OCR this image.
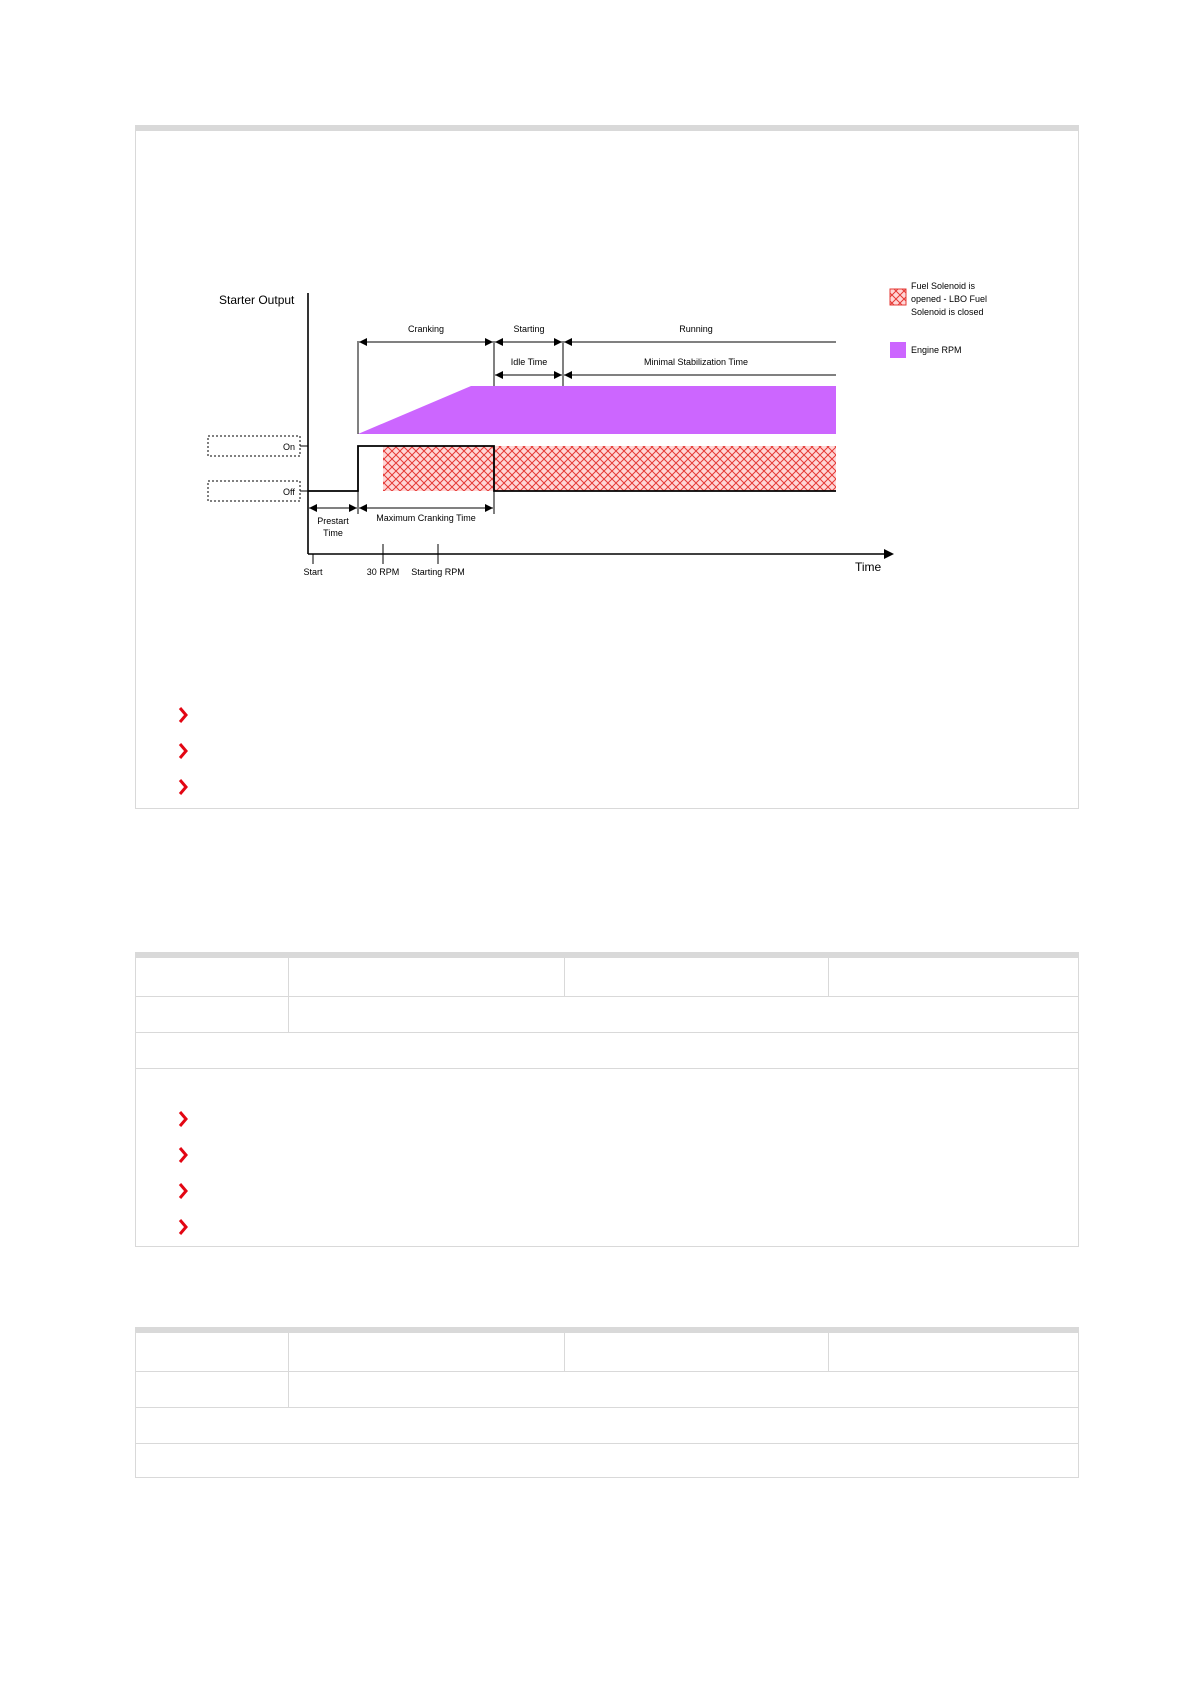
Starter Output
Time
On
Off
Cranking	Starting	Running
Idle Time	Minimal Stabilization Time
Prestart
Time
Maximum Cranking Time
Start	30 RPM Starting RPM
Fuel Solenoid is
opened - LBO Fuel
Solenoid is closed
Engine RPM
